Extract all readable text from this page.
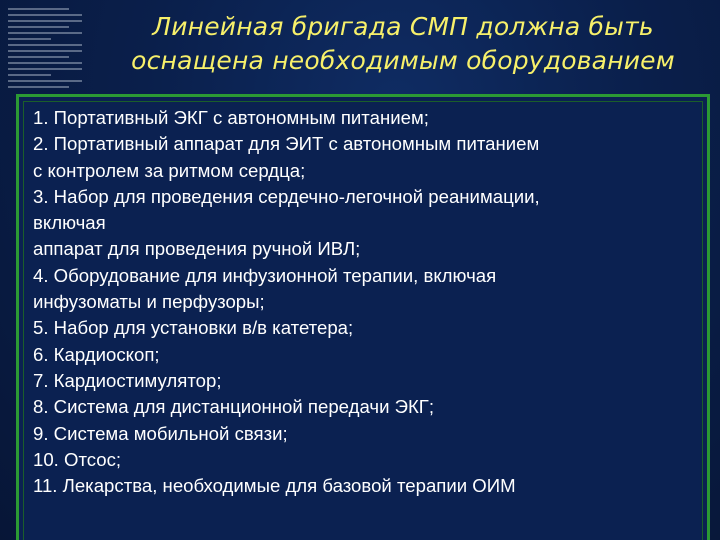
Линейная бригада СМП должна быть
оснащена необходимым оборудованием
1. Портативный ЭКГ с автономным питанием;
2. Портативный аппарат для ЭИТ с автономным питанием
с контролем за ритмом сердца;
3. Набор для проведения сердечно-легочной реанимации,
включая
аппарат для проведения ручной ИВЛ;
4. Оборудование для инфузионной терапии, включая
инфузоматы и перфузоры;
5. Набор для установки в/в катетера;
6. Кардиоскоп;
7. Кардиостимулятор;
8. Система для дистанционной передачи ЭКГ;
9. Система мобильной связи;
10. Отсос;
11. Лекарства, необходимые для базовой терапии ОИМ
